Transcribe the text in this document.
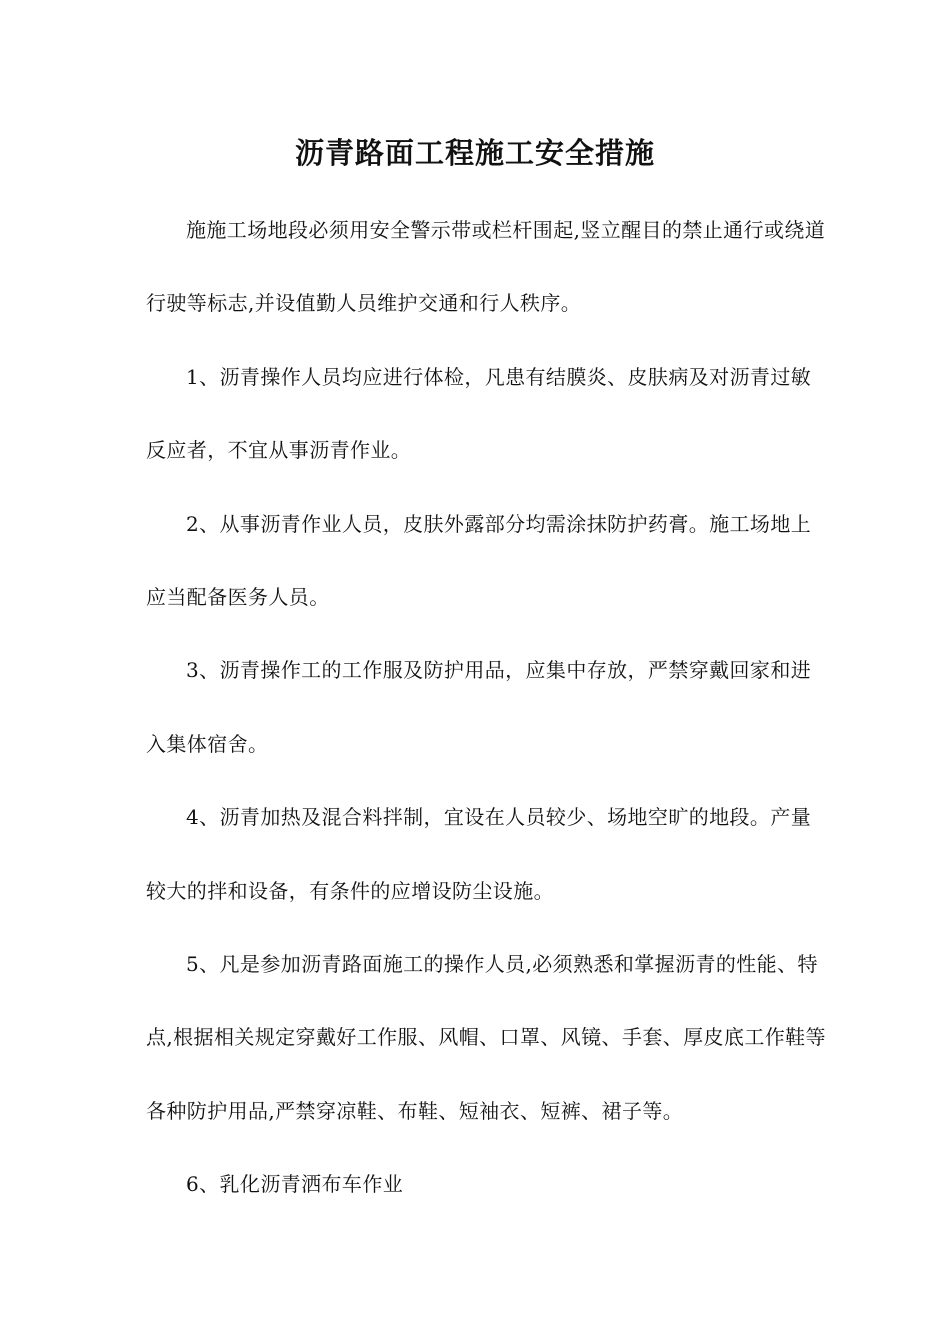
沥青路面工程施工安全措施

施施工场地段必须用安全警示带或栏杆围起,竖立醒目的禁止通行或绕道行驶等标志,并设值勤人员维护交通和行人秩序。

1、沥青操作人员均应进行体检，凡患有结膜炎、皮肤病及对沥青过敏反应者，不宜从事沥青作业。

2、从事沥青作业人员，皮肤外露部分均需涂抹防护药膏。施工场地上应当配备医务人员。

3、沥青操作工的工作服及防护用品，应集中存放，严禁穿戴回家和进入集体宿舍。

4、沥青加热及混合料拌制，宜设在人员较少、场地空旷的地段。产量较大的拌和设备，有条件的应增设防尘设施。

5、凡是参加沥青路面施工的操作人员,必须熟悉和掌握沥青的性能、特点,根据相关规定穿戴好工作服、风帽、口罩、风镜、手套、厚皮底工作鞋等各种防护用品,严禁穿凉鞋、布鞋、短袖衣、短裤、裙子等。

6、乳化沥青洒布车作业
